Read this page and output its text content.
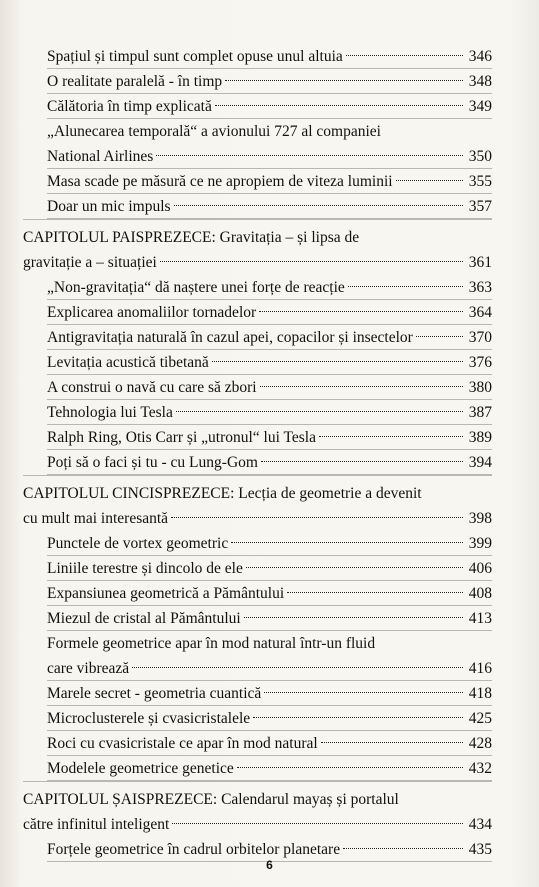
Spațiul și timpul sunt complet opuse unul altuia	346
O realitate paralelă - în timp	348
Călătoria în timp explicată	349
„Alunecarea temporală“ a avionului 727 al companiei
National Airlines	350
Masa scade pe măsură ce ne apropiem de viteza luminii	355
Doar un mic impuls	357
CAPITOLUL PAISPREZECE: Gravitația – și lipsa de
gravitație a – situației	361
„Non-gravitația“ dă naștere unei forțe de reacție	363
Explicarea anomaliilor tornadelor	364
Antigravitația naturală în cazul apei, copacilor și insectelor	370
Levitația acustică tibetană	376
A construi o navă cu care să zbori	380
Tehnologia lui Tesla	387
Ralph Ring, Otis Carr și „utronul“ lui Tesla	389
Poți să o faci și tu - cu Lung-Gom	394
CAPITOLUL CINCISPREZECE: Lecția de geometrie a devenit
cu mult mai interesantă	398
Punctele de vortex geometric	399
Liniile terestre și dincolo de ele	406
Expansiunea geometrică a Pământului	408
Miezul de cristal al Pământului	413
Formele geometrice apar în mod natural într-un fluid
care vibrează	416
Marele secret - geometria cuantică	418
Microclusterele și cvasicristalele	425
Roci cu cvasicristale ce apar în mod natural	428
Modelele geometrice genetice	432
CAPITOLUL ȘAISPREZECE: Calendarul mayaș și portalul
către infinitul inteligent	434
Forțele geometrice în cadrul orbitelor planetare	435
6
